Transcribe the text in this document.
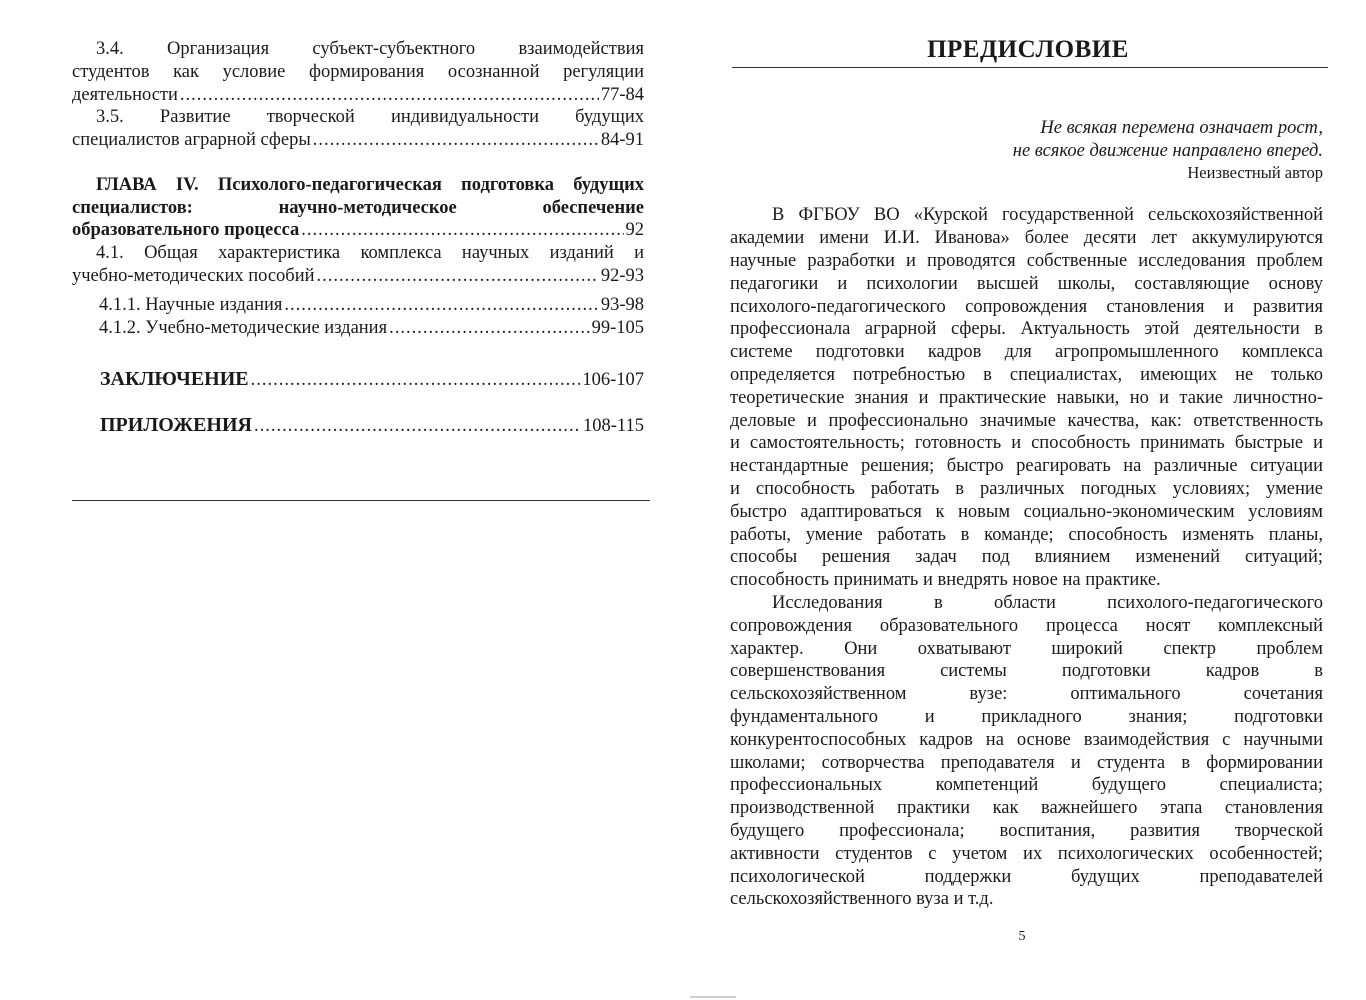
3.4. Организация субъект-субъектного взаимодействия
студентов как условие формирования осознанной регуляции
деятельности .....	77-84
3.5. Развитие творческой индивидуальности будущих
специалистов аграрной сферы .....	84-91
ГЛАВА IV. Психолого-педагогическая подготовка будущих
специалистов: научно-методическое обеспечение
образовательного процесса .....	92
4.1. Общая характеристика комплекса научных изданий и
учебно-методических пособий .....	92-93
4.1.1. Научные издания .....	93-98
4.1.2. Учебно-методические издания .....	99-105
ЗАКЛЮЧЕНИЕ .....	106-107
ПРИЛОЖЕНИЯ .....	108-115
ПРЕДИСЛОВИЕ
Не всякая перемена означает рост,
не всякое движение направлено вперед.
Неизвестный автор
В ФГБОУ ВО «Курской государственной сельскохозяйственной
академии имени И.И. Иванова» более десяти лет аккумулируются
научные разработки и проводятся собственные исследования проблем
педагогики и психологии высшей школы, составляющие основу
психолого-педагогического сопровождения становления и развития
профессионала аграрной сферы. Актуальность этой деятельности в
системе подготовки кадров для агропромышленного комплекса
определяется потребностью в специалистах, имеющих не только
теоретические знания и практические навыки, но и такие личностно-
деловые и профессионально значимые качества, как: ответственность
и самостоятельность; готовность и способность принимать быстрые и
нестандартные решения; быстро реагировать на различные ситуации
и способность работать в различных погодных условиях; умение
быстро адаптироваться к новым социально-экономическим условиям
работы, умение работать в команде; способность изменять планы,
способы решения задач под влиянием изменений ситуаций;
способность принимать и внедрять новое на практике.
Исследования в области психолого-педагогического
сопровождения образовательного процесса носят комплексный
характер. Они охватывают широкий спектр проблем
совершенствования системы подготовки кадров в
сельскохозяйственном вузе: оптимального сочетания
фундаментального и прикладного знания; подготовки
конкурентоспособных кадров на основе взаимодействия с научными
школами; сотворчества преподавателя и студента в формировании
профессиональных компетенций будущего специалиста;
производственной практики как важнейшего этапа становления
будущего профессионала; воспитания, развития творческой
активности студентов с учетом их психологических особенностей;
психологической поддержки будущих преподавателей
сельскохозяйственного вуза и т.д.
5
